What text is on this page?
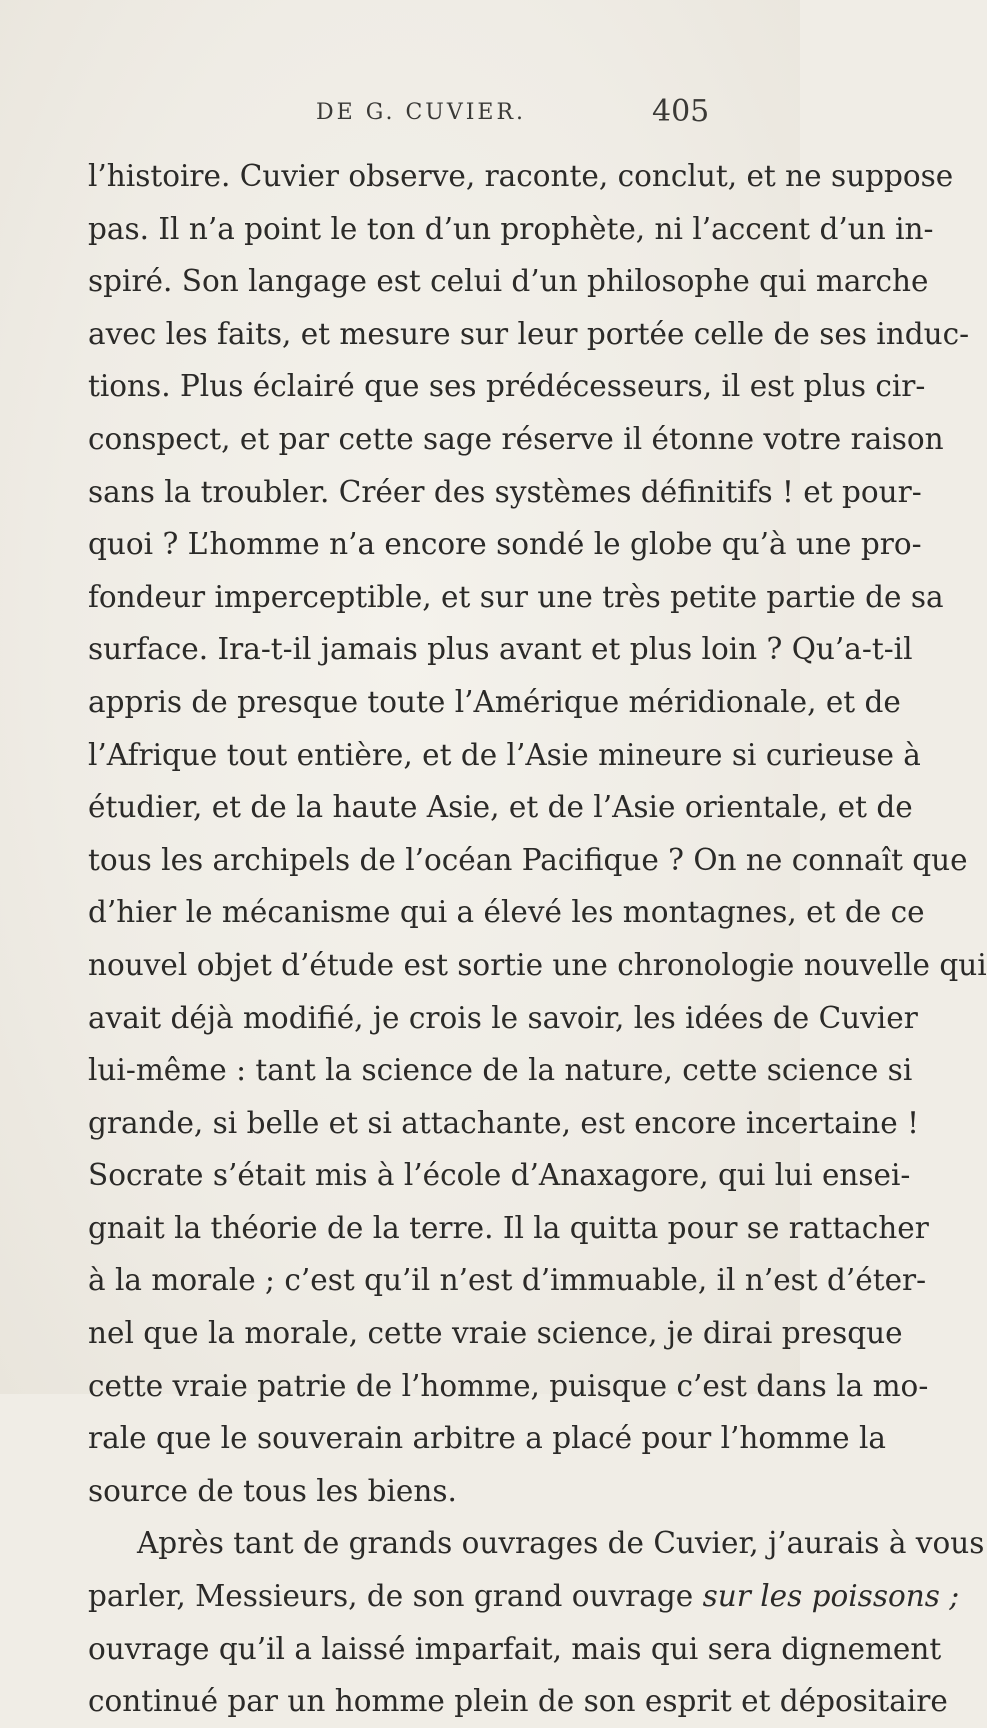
DE G. CUVIER.	405
l’histoire. Cuvier observe, raconte, conclut, et ne suppose
pas. Il n’a point le ton d’un prophète, ni l’accent d’un in-
spiré. Son langage est celui d’un philosophe qui marche
avec les faits, et mesure sur leur portée celle de ses induc-
tions. Plus éclairé que ses prédécesseurs, il est plus cir-
conspect, et par cette sage réserve il étonne votre raison
sans la troubler. Créer des systèmes définitifs ! et pour-
quoi ? L’homme n’a encore sondé le globe qu’à une pro-
fondeur imperceptible, et sur une très petite partie de sa
surface. Ira-t-il jamais plus avant et plus loin ? Qu’a-t-il
appris de presque toute l’Amérique méridionale, et de
l’Afrique tout entière, et de l’Asie mineure si curieuse à
étudier, et de la haute Asie, et de l’Asie orientale, et de
tous les archipels de l’océan Pacifique ? On ne connaît que
d’hier le mécanisme qui a élevé les montagnes, et de ce
nouvel objet d’étude est sortie une chronologie nouvelle qui
avait déjà modifié, je crois le savoir, les idées de Cuvier
lui-même : tant la science de la nature, cette science si
grande, si belle et si attachante, est encore incertaine !
Socrate s’était mis à l’école d’Anaxagore, qui lui ensei-
gnait la théorie de la terre. Il la quitta pour se rattacher
à la morale ; c’est qu’il n’est d’immuable, il n’est d’éter-
nel que la morale, cette vraie science, je dirai presque
cette vraie patrie de l’homme, puisque c’est dans la mo-
rale que le souverain arbitre a placé pour l’homme la
source de tous les biens.
Après tant de grands ouvrages de Cuvier, j’aurais à vous
parler, Messieurs, de son grand ouvrage sur les poissons ;
ouvrage qu’il a laissé imparfait, mais qui sera dignement
continué par un homme plein de son esprit et dépositaire
